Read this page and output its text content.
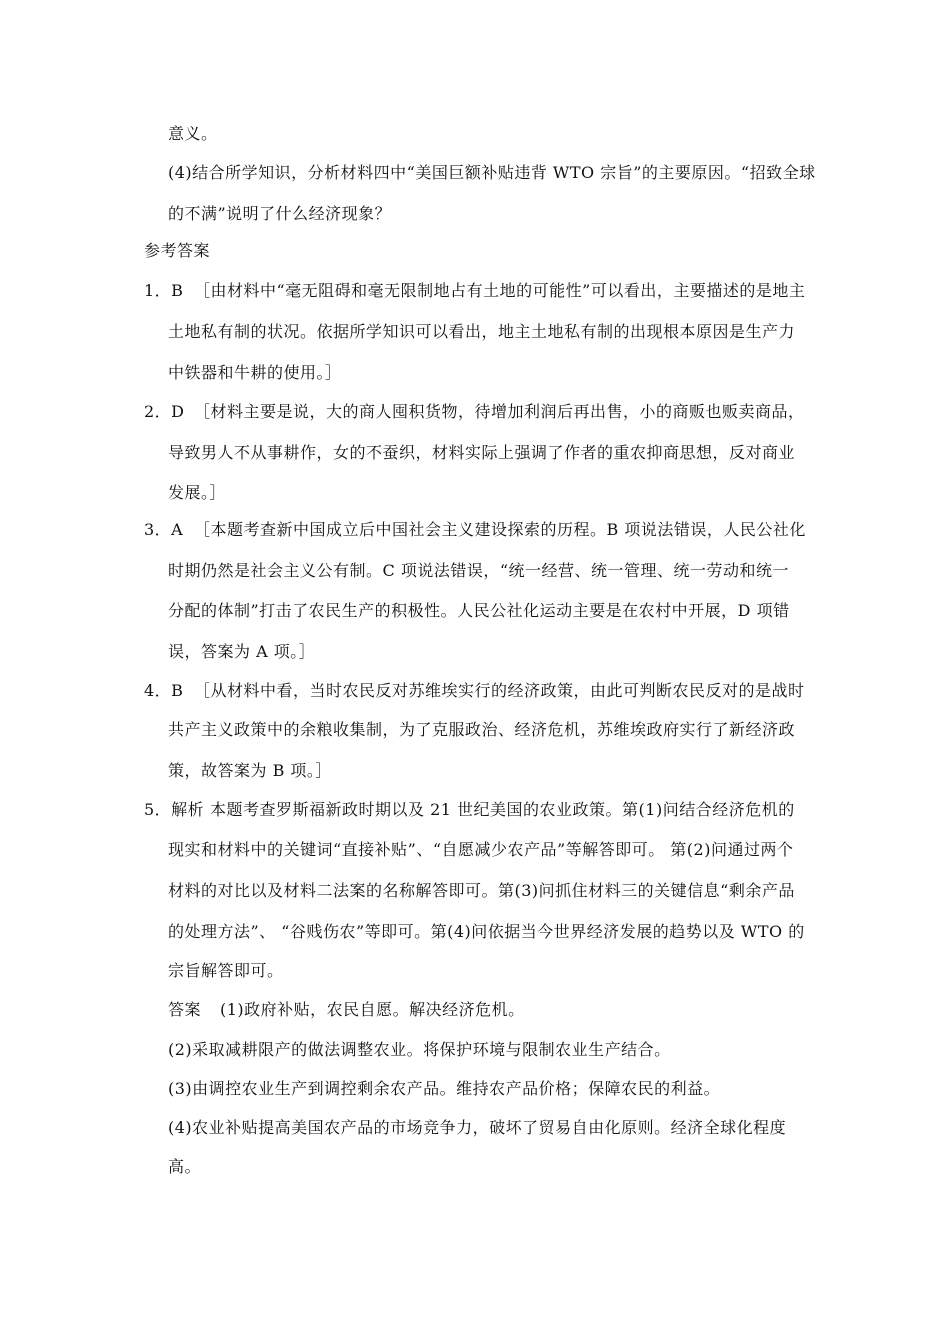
意义。
(4)结合所学知识，分析材料四中“美国巨额补贴违背 WTO 宗旨”的主要原因。“招致全球
的不满”说明了什么经济现象？
参考答案
1．B ［由材料中“毫无阻碍和毫无限制地占有土地的可能性”可以看出，主要描述的是地主
土地私有制的状况。依据所学知识可以看出，地主土地私有制的出现根本原因是生产力
中铁器和牛耕的使用。］
2．D ［材料主要是说，大的商人囤积货物，待增加利润后再出售，小的商贩也贩卖商品，
导致男人不从事耕作，女的不蚕织，材料实际上强调了作者的重农抑商思想，反对商业
发展。］
3．A ［本题考查新中国成立后中国社会主义建设探索的历程。B 项说法错误，人民公社化
时期仍然是社会主义公有制。C 项说法错误，“统一经营、统一管理、统一劳动和统一
分配的体制”打击了农民生产的积极性。人民公社化运动主要是在农村中开展，D 项错
误，答案为 A 项。］
4．B ［从材料中看，当时农民反对苏维埃实行的经济政策，由此可判断农民反对的是战时
共产主义政策中的余粮收集制，为了克服政治、经济危机，苏维埃政府实行了新经济政
策，故答案为 B 项。］
5．解析 本题考查罗斯福新政时期以及 21 世纪美国的农业政策。第(1)问结合经济危机的
现实和材料中的关键词“直接补贴”、“自愿减少农产品”等解答即可。 第(2)问通过两个
材料的对比以及材料二法案的名称解答即可。第(3)问抓住材料三的关键信息“剩余产品
的处理方法”、 “谷贱伤农”等即可。第(4)问依据当今世界经济发展的趋势以及 WTO 的
宗旨解答即可。
答案 (1)政府补贴，农民自愿。解决经济危机。
(2)采取减耕限产的做法调整农业。将保护环境与限制农业生产结合。
(3)由调控农业生产到调控剩余农产品。维持农产品价格；保障农民的利益。
(4)农业补贴提高美国农产品的市场竞争力，破坏了贸易自由化原则。经济全球化程度
高。
